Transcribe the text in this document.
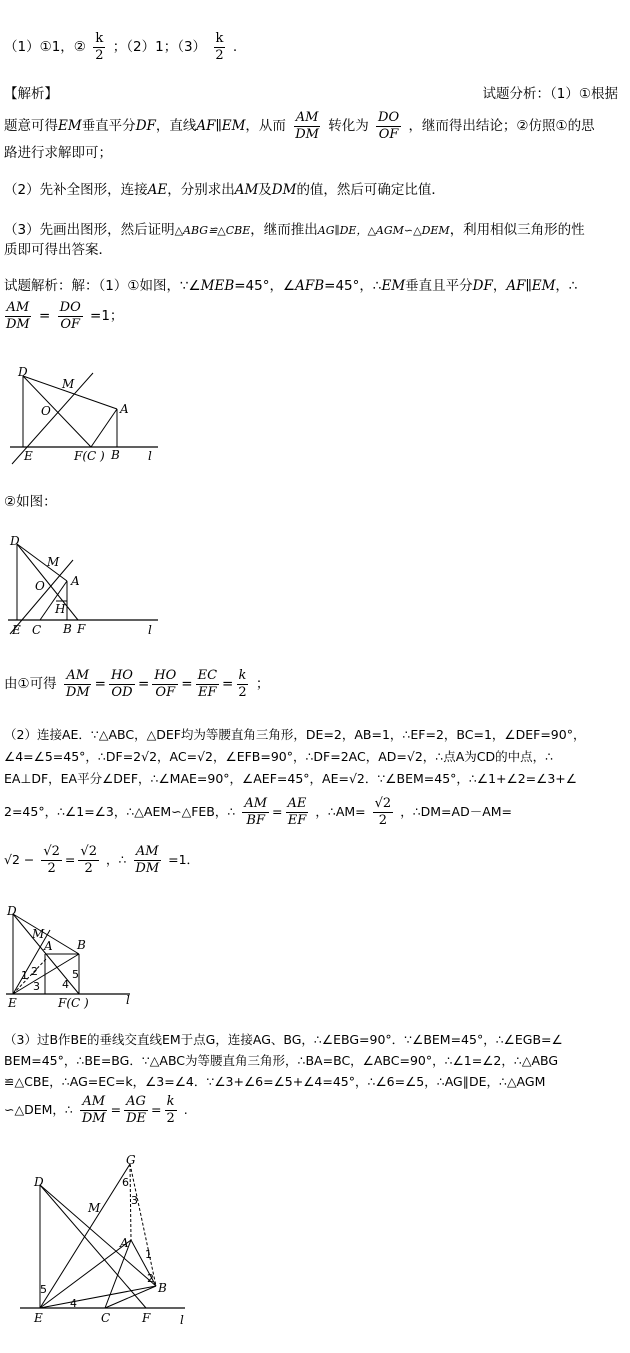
（1）①1，② $\frac{k}{2}$ ；（2）1；$(3) \frac{k}{2}$ .
【解析】	试题分析：（1）①根据
题意可得EM垂直平分DF，直线AF∥EM，从而 $\frac{AM}{DM}$ 转化为 $\frac{DO}{OF}$ ，继而得出结论；②仿照①的思
路进行求解即可；
（2）先补全图形，连接AE，分别求出AM及DM的值，然后可确定比值．
（3）先画出图形，然后证明△ABG≌△CBE，继而推出AG∥DE，△AGM∽△DEM，利用相似三角形的性
质即可得出答案．
试题解析：解：（1）①如图，∵∠MEB=45°，∠AFB=45°，∴EM垂直且平分DF，AF∥EM，∴
$\frac{AM}{DM} = \frac{DO}{OF} =1$；
D
M
O	A
E	F(C ) B l
②如图：
D
M
O A
H
E C B F	l
由①可得 $\frac{AM}{DM} = \frac{HO}{OD} = \frac{HO}{OF} = \frac{EC}{EF} = \frac{k}{2}$ ；
（2）连接AE．∵△ABC，△DEF均为等腰直角三角形，DE=2，AB=1，∴EF=2，BC=1，∠DEF=90°，
∠4=∠5=45°，∴DF=2√2，AC=√2，∠EFB=90°，∴DF=2AC，AD=√2，∴点A为CD的中点，∴
EA⊥DF，EA平分∠DEF，∴∠MAE=90°，∠AEF=45°，AE=√2．∵∠BEM=45°，∴∠1+∠2=∠3+∠
2=45°，∴∠1=∠3，∴△AEM∽△FEB，∴ $\frac{AM}{BF} = \frac{AE}{EF}$ ，∴AM= $\frac{√2}{2}$ ，∴DM=AD－AM=
$√2 - \frac{√2}{2} = \frac{√2}{2}$ ，∴ $\frac{AM}{DM} =1$．
D
M
A B
E	F(C )	l
1 2
3 4
5
（3）过B作BE的垂线交直线EM于点G，连接AG、BG，∴∠EBG=90°．∵∠BEM=45°，∴∠EGB=∠
BEM=45°，∴BE=BG．∵△ABC为等腰直角三角形，∴BA=BC，∠ABC=90°，∴∠1=∠2，∴△ABG
≌△CBE，∴AG=EC=k，∠3=∠4．∵∠3+∠6=∠5+∠4=45°，∴∠6=∠5，∴AG∥DE，∴△AGM
∽△DEM，∴ $\frac{AM}{DM} = \frac{AG}{DE} = \frac{k}{2}$ .
G
D
M
A
B
E	C	F l
6
3
1
2
5
4
